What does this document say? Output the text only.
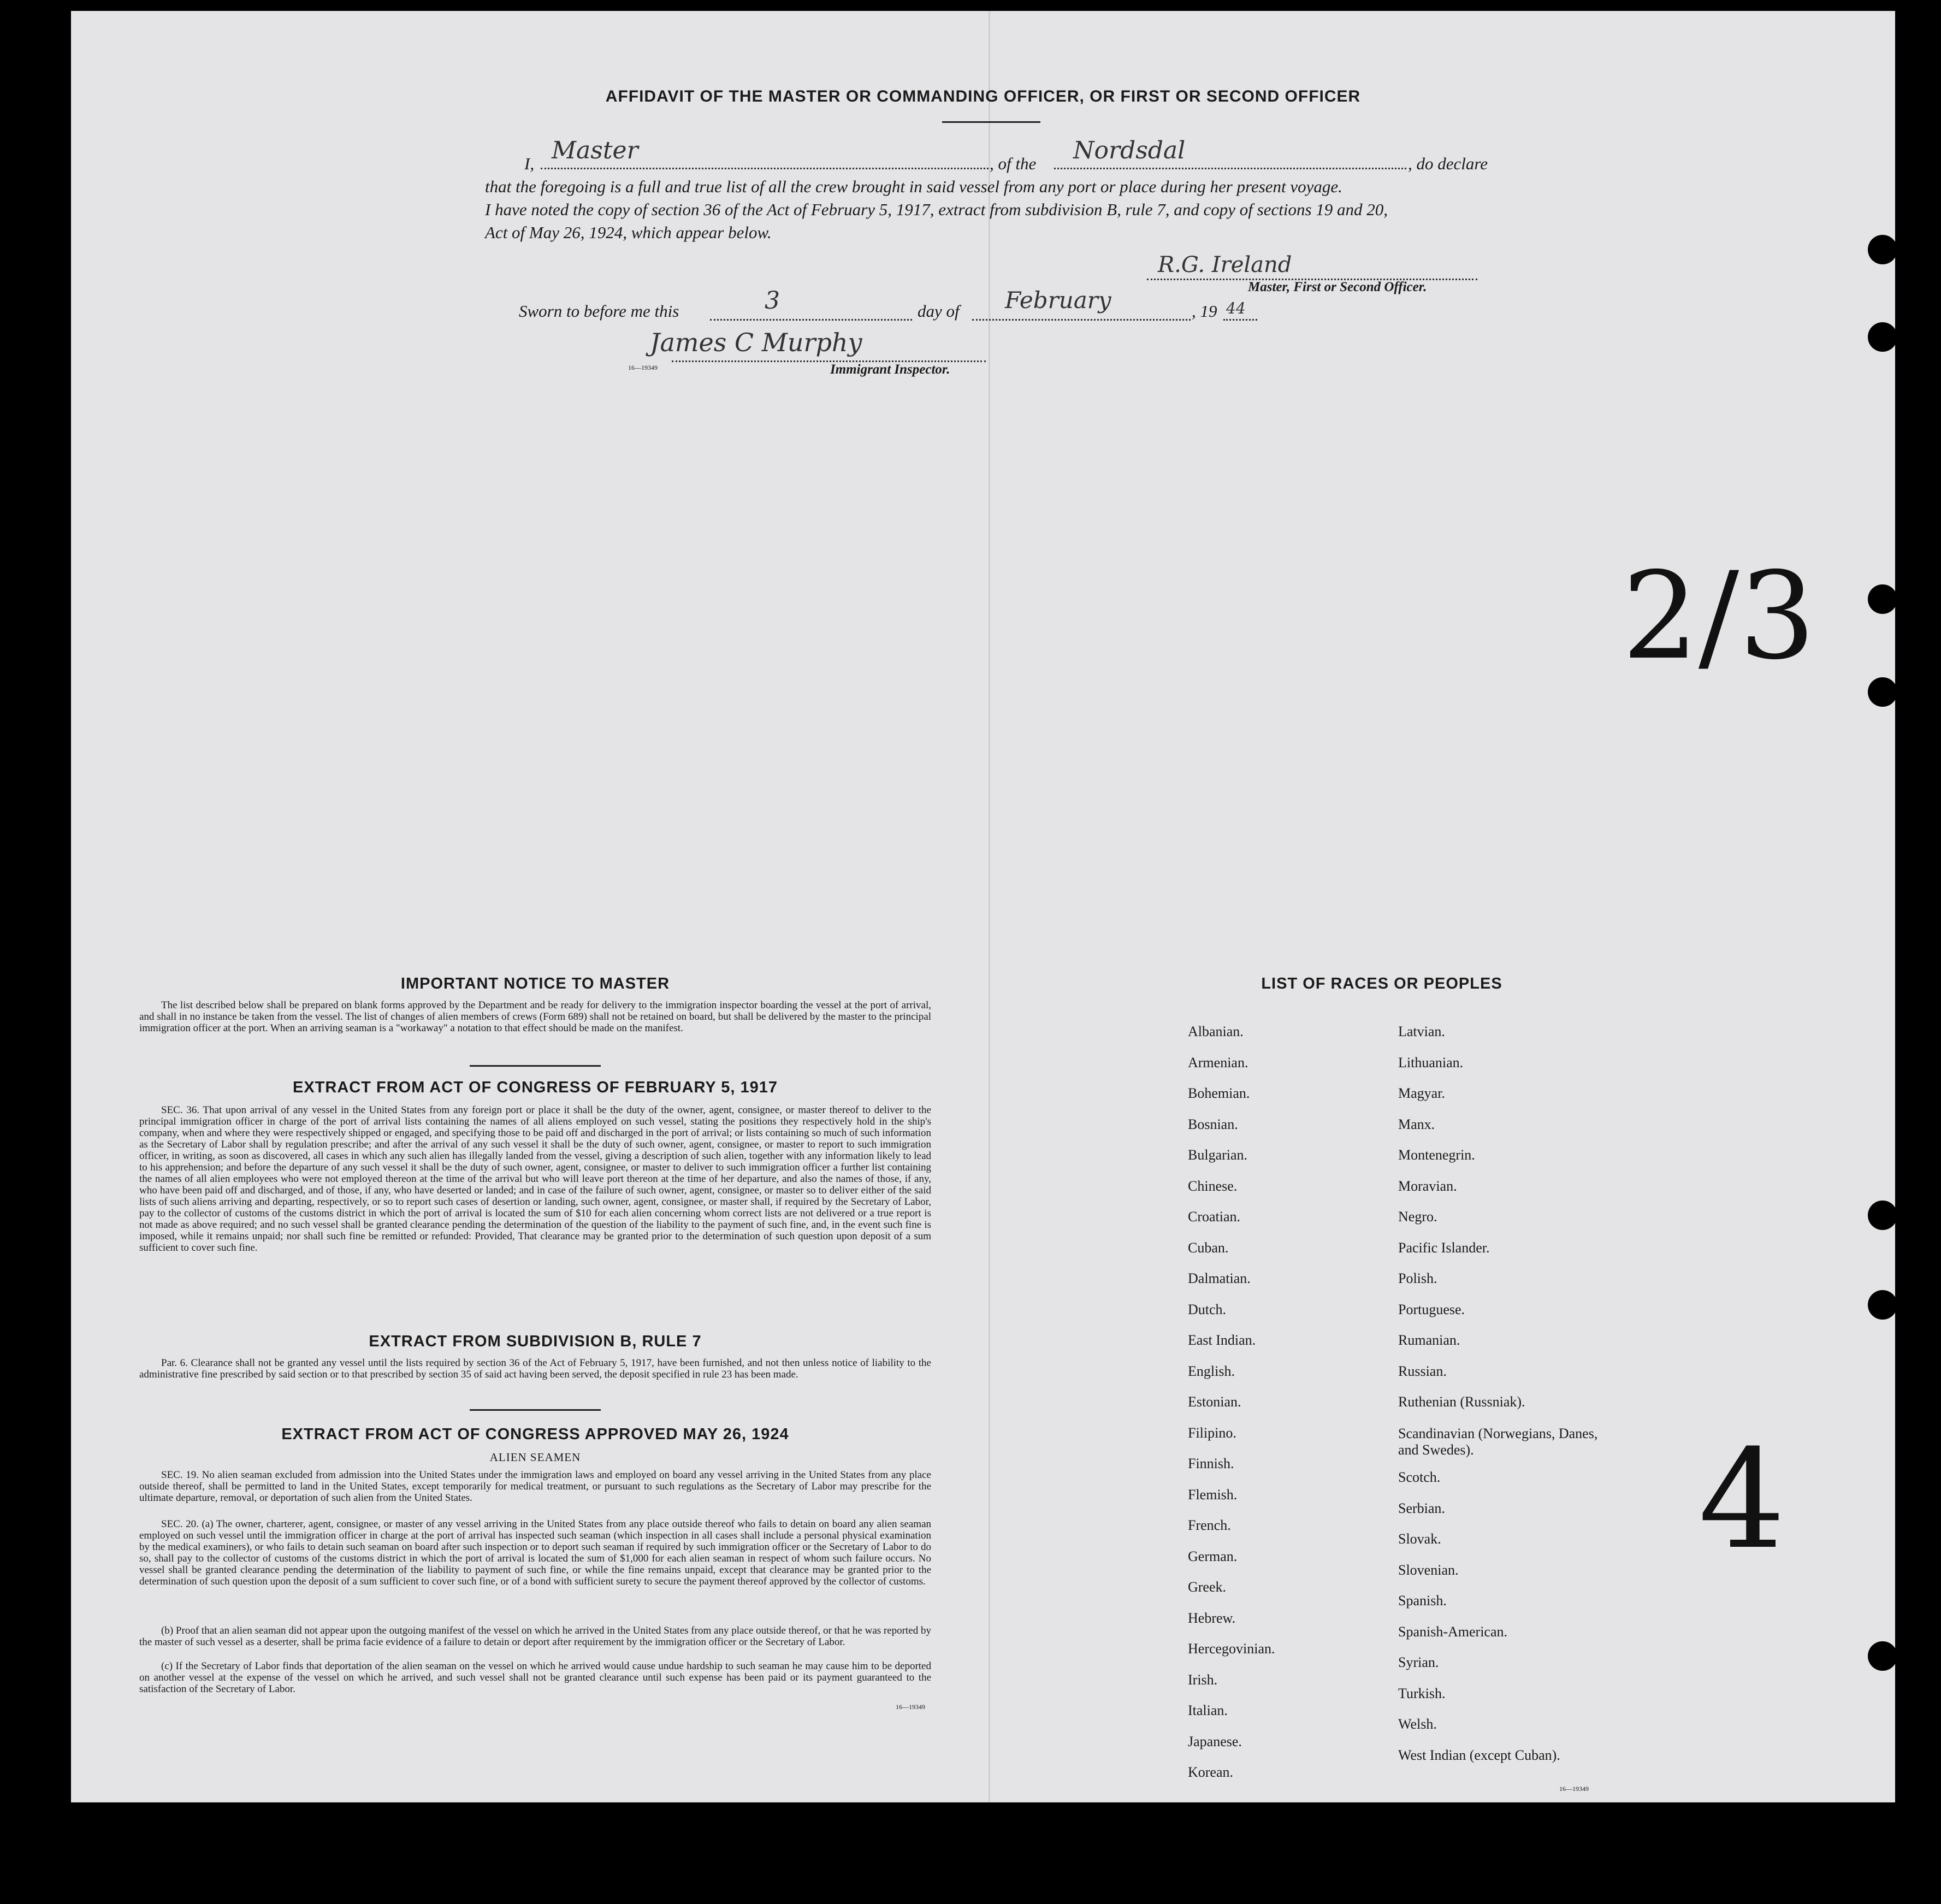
AFFIDAVIT OF THE MASTER OR COMMANDING OFFICER, OR FIRST OR SECOND OFFICER
I, Master	, of the Nordsdal	, do declare
that the foregoing is a full and true list of all the crew brought in said vessel from any port or place during her present voyage.
I have noted the copy of section 36 of the Act of February 5, 1917, extract from subdivision B, rule 7, and copy of sections 19 and 20,
Act of May 26, 1924, which appear below.
R.G. Ireland
Master, First or Second Officer.
Sworn to before me this	3	day of February	, 19 44
James C Murphy
16—19349	Immigrant Inspector.
2/3
4
IMPORTANT NOTICE TO MASTER
The list described below shall be prepared on blank forms approved by the Department and be ready for delivery to the immigration inspector boarding the vessel at the port of arrival, and shall in no instance be taken from the vessel. The list of changes of alien members of crews (Form 689) shall not be retained on board, but shall be delivered by the master to the principal immigration officer at the port. When an arriving seaman is a "workaway" a notation to that effect should be made on the manifest.
EXTRACT FROM ACT OF CONGRESS OF FEBRUARY 5, 1917
SEC. 36. That upon arrival of any vessel in the United States from any foreign port or place it shall be the duty of the owner, agent, consignee, or master thereof to deliver to the principal immigration officer in charge of the port of arrival lists containing the names of all aliens employed on such vessel, stating the positions they respectively hold in the ship's company, when and where they were respectively shipped or engaged, and specifying those to be paid off and discharged in the port of arrival; or lists containing so much of such information as the Secretary of Labor shall by regulation prescribe; and after the arrival of any such vessel it shall be the duty of such owner, agent, consignee, or master to report to such immigration officer, in writing, as soon as discovered, all cases in which any such alien has illegally landed from the vessel, giving a description of such alien, together with any information likely to lead to his apprehension; and before the departure of any such vessel it shall be the duty of such owner, agent, consignee, or master to deliver to such immigration officer a further list containing the names of all alien employees who were not employed thereon at the time of the arrival but who will leave port thereon at the time of her departure, and also the names of those, if any, who have been paid off and discharged, and of those, if any, who have deserted or landed; and in case of the failure of such owner, agent, consignee, or master so to deliver either of the said lists of such aliens arriving and departing, respectively, or so to report such cases of desertion or landing, such owner, agent, consignee, or master shall, if required by the Secretary of Labor, pay to the collector of customs of the customs district in which the port of arrival is located the sum of $10 for each alien concerning whom correct lists are not delivered or a true report is not made as above required; and no such vessel shall be granted clearance pending the determination of the question of the liability to the payment of such fine, and, in the event such fine is imposed, while it remains unpaid; nor shall such fine be remitted or refunded: Provided, That clearance may be granted prior to the determination of such question upon deposit of a sum sufficient to cover such fine.
EXTRACT FROM SUBDIVISION B, RULE 7
Par. 6. Clearance shall not be granted any vessel until the lists required by section 36 of the Act of February 5, 1917, have been furnished, and not then unless notice of liability to the administrative fine prescribed by said section or to that prescribed by section 35 of said act having been served, the deposit specified in rule 23 has been made.
EXTRACT FROM ACT OF CONGRESS APPROVED MAY 26, 1924
ALIEN SEAMEN
SEC. 19. No alien seaman excluded from admission into the United States under the immigration laws and employed on board any vessel arriving in the United States from any place outside thereof, shall be permitted to land in the United States, except temporarily for medical treatment, or pursuant to such regulations as the Secretary of Labor may prescribe for the ultimate departure, removal, or deportation of such alien from the United States.
SEC. 20. (a) The owner, charterer, agent, consignee, or master of any vessel arriving in the United States from any place outside thereof who fails to detain on board any alien seaman employed on such vessel until the immigration officer in charge at the port of arrival has inspected such seaman (which inspection in all cases shall include a personal physical examination by the medical examiners), or who fails to detain such seaman on board after such inspection or to deport such seaman if required by such immigration officer or the Secretary of Labor to do so, shall pay to the collector of customs of the customs district in which the port of arrival is located the sum of $1,000 for each alien seaman in respect of whom such failure occurs. No vessel shall be granted clearance pending the determination of the liability to payment of such fine, or while the fine remains unpaid, except that clearance may be granted prior to the determination of such question upon the deposit of a sum sufficient to cover such fine, or of a bond with sufficient surety to secure the payment thereof approved by the collector of customs.
(b) Proof that an alien seaman did not appear upon the outgoing manifest of the vessel on which he arrived in the United States from any place outside thereof, or that he was reported by the master of such vessel as a deserter, shall be prima facie evidence of a failure to detain or deport after requirement by the immigration officer or the Secretary of Labor.
(c) If the Secretary of Labor finds that deportation of the alien seaman on the vessel on which he arrived would cause undue hardship to such seaman he may cause him to be deported on another vessel at the expense of the vessel on which he arrived, and such vessel shall not be granted clearance until such expense has been paid or its payment guaranteed to the satisfaction of the Secretary of Labor.
16—19349
LIST OF RACES OR PEOPLES
Albanian.
Armenian.
Bohemian.
Bosnian.
Bulgarian.
Chinese.
Croatian.
Cuban.
Dalmatian.
Dutch.
East Indian.
English.
Estonian.
Filipino.
Finnish.
Flemish.
French.
German.
Greek.
Hebrew.
Hercegovinian.
Irish.
Italian.
Japanese.
Korean.
Latvian.
Lithuanian.
Magyar.
Manx.
Montenegrin.
Moravian.
Negro.
Pacific Islander.
Polish.
Portuguese.
Rumanian.
Russian.
Ruthenian (Russniak).
Scandinavian (Norwegians, Danes, and Swedes).
Scotch.
Serbian.
Slovak.
Slovenian.
Spanish.
Spanish-American.
Syrian.
Turkish.
Welsh.
West Indian (except Cuban).
16—19349
